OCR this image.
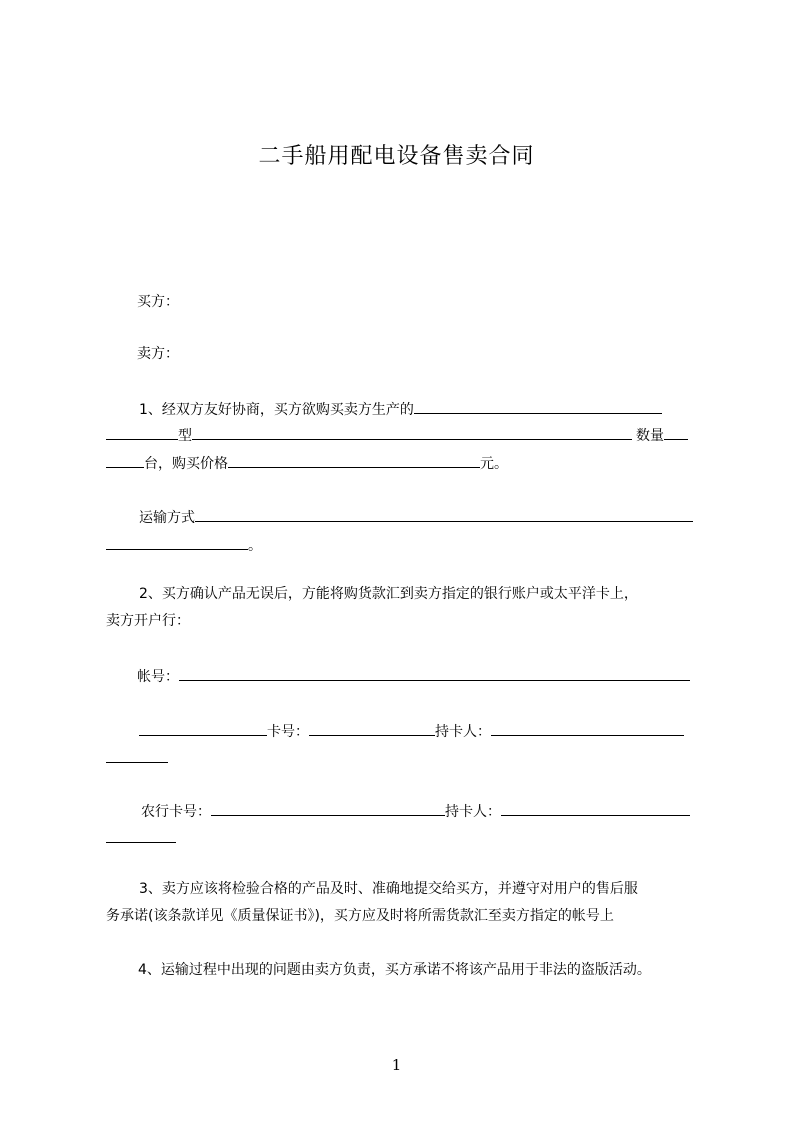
二手船用配电设备售卖合同
买方：
卖方：
1、经双方友好协商，买方欲购买卖方生产的
型	数量
台，购买价格	元。
运输方式
。
2、买方确认产品无误后，方能将购货款汇到卖方指定的银行账户或太平洋卡上，
卖方开户行：
帐号：
卡号：	持卡人：
农行卡号：	持卡人：
3、卖方应该将检验合格的产品及时、准确地提交给买方，并遵守对用户的售后服
务承诺(该条款详见《质量保证书》)，买方应及时将所需货款汇至卖方指定的帐号上
4、运输过程中出现的问题由卖方负责，买方承诺不将该产品用于非法的盗版活动。
1
